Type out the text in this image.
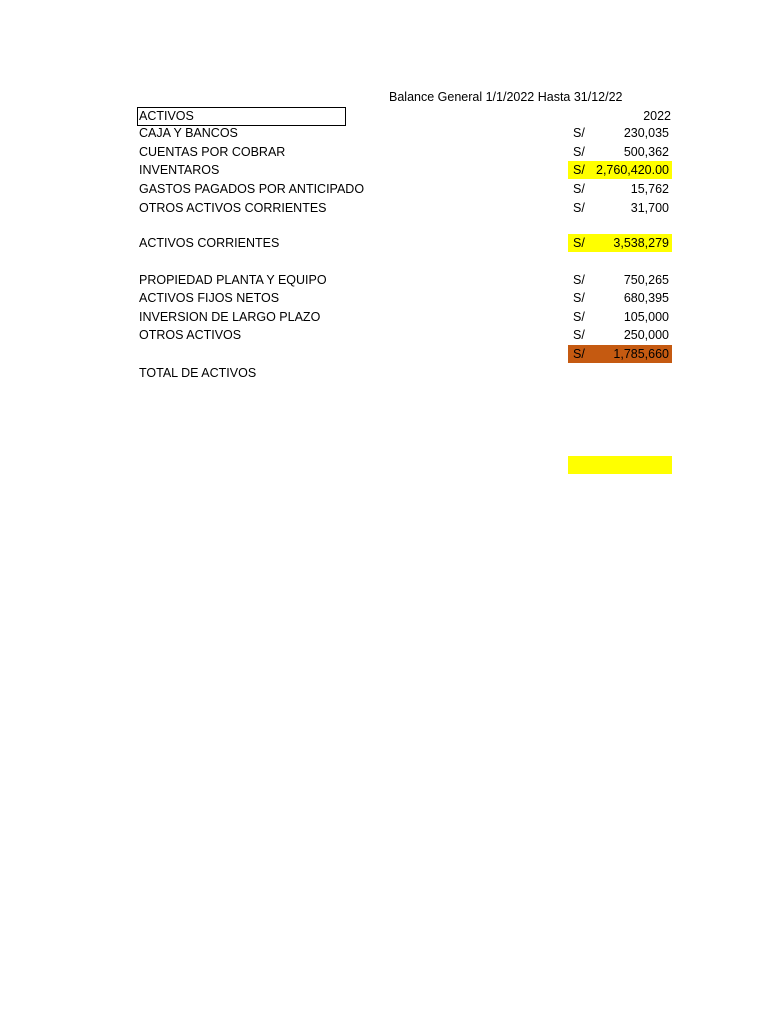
Balance General 1/1/2022 Hasta 31/12/22
ACTIVOS	2022
CAJA Y BANCOS	S/	230,035
CUENTAS POR COBRAR	S/	500,362
INVENTAROS	S/ 2,760,420.00
GASTOS PAGADOS POR ANTICIPADO	S/	15,762
OTROS ACTIVOS CORRIENTES	S/	31,700
ACTIVOS CORRIENTES	S/	3,538,279
PROPIEDAD PLANTA Y EQUIPO	S/	750,265
ACTIVOS FIJOS NETOS	S/	680,395
INVERSION DE LARGO PLAZO	S/	105,000
OTROS ACTIVOS	S/	250,000
S/	1,785,660
TOTAL DE ACTIVOS
